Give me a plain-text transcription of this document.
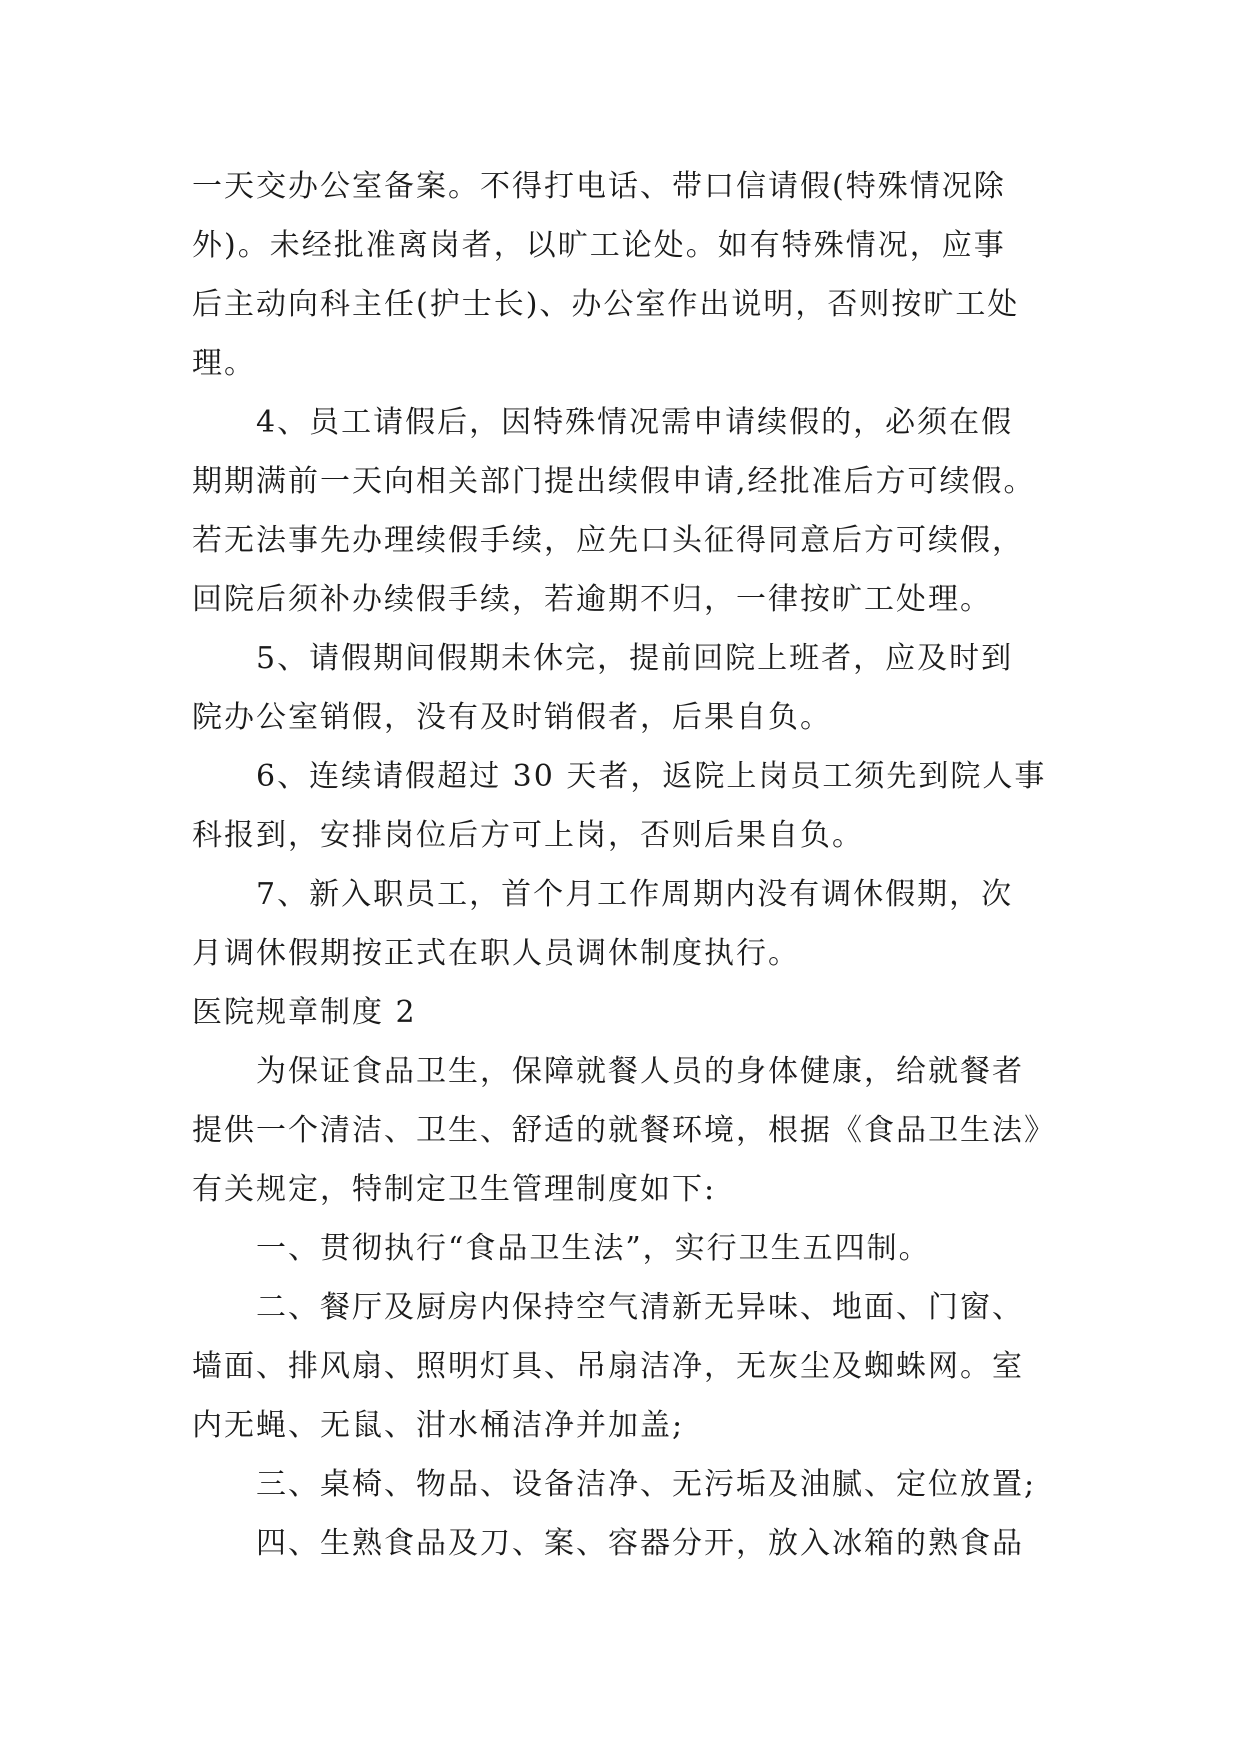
一天交办公室备案。不得打电话、带口信请假(特殊情况除
外)。未经批准离岗者，以旷工论处。如有特殊情况，应事
后主动向科主任(护士长)、办公室作出说明，否则按旷工处
理。
4、员工请假后，因特殊情况需申请续假的，必须在假
期期满前一天向相关部门提出续假申请,经批准后方可续假。
若无法事先办理续假手续，应先口头征得同意后方可续假，
回院后须补办续假手续，若逾期不归，一律按旷工处理。
5、请假期间假期未休完，提前回院上班者，应及时到
院办公室销假，没有及时销假者，后果自负。
6、连续请假超过 30 天者，返院上岗员工须先到院人事
科报到，安排岗位后方可上岗，否则后果自负。
7、新入职员工，首个月工作周期内没有调休假期，次
月调休假期按正式在职人员调休制度执行。
医院规章制度 2
为保证食品卫生，保障就餐人员的身体健康，给就餐者
提供一个清洁、卫生、舒适的就餐环境，根据《食品卫生法》
有关规定，特制定卫生管理制度如下:
一、贯彻执行“食品卫生法”，实行卫生五四制。
二、餐厅及厨房内保持空气清新无异味、地面、门窗、
墙面、排风扇、照明灯具、吊扇洁净，无灰尘及蜘蛛网。室
内无蝇、无鼠、泔水桶洁净并加盖;
三、桌椅、物品、设备洁净、无污垢及油腻、定位放置;
四、生熟食品及刀、案、容器分开，放入冰箱的熟食品
